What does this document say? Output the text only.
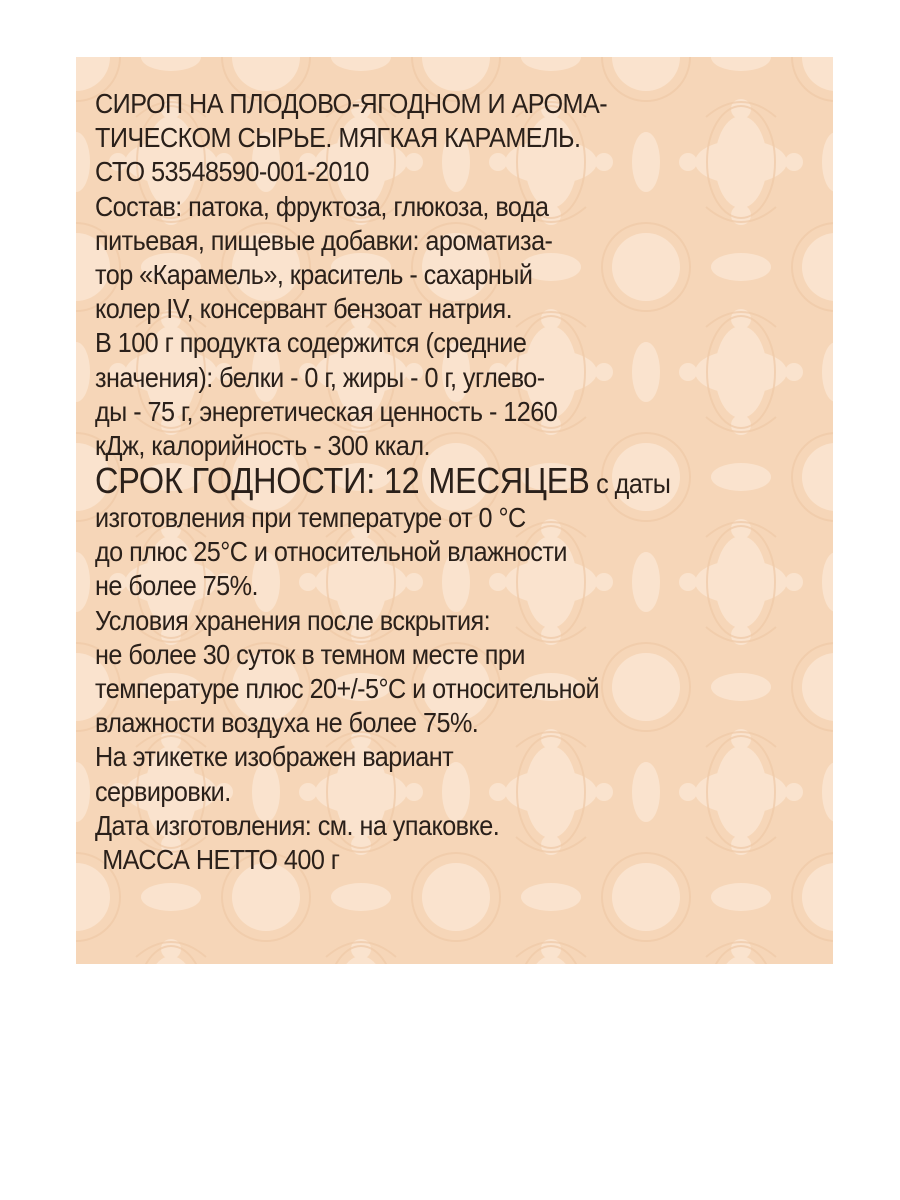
СИРОП НА ПЛОДОВО-ЯГОДНОМ И АРОМА-
ТИЧЕСКОМ СЫРЬЕ. МЯГКАЯ КАРАМЕЛЬ.
СТО 53548590-001-2010
Состав: патока, фруктоза, глюкоза, вода
питьевая, пищевые добавки: ароматиза-
тор «Карамель», краситель - сахарный
колер IV, консервант бензоат натрия.
В 100 г продукта содержится (средние
значения): белки - 0 г, жиры - 0 г, углево-
ды - 75 г, энергетическая ценность - 1260
кДж, калорийность - 300 ккал.
СРОК ГОДНОСТИ: 12 МЕСЯЦЕВ с даты
изготовления при температуре от 0 °С
до плюс 25°С и относительной влажности
не более 75%.
Условия хранения после вскрытия:
не более 30 суток в темном месте при
температуре плюс 20+/-5°С и относительной
влажности воздуха не более 75%.
На этикетке изображен вариант
сервировки.
Дата изготовления: см. на упаковке.
МАССА НЕТТО 400 г
